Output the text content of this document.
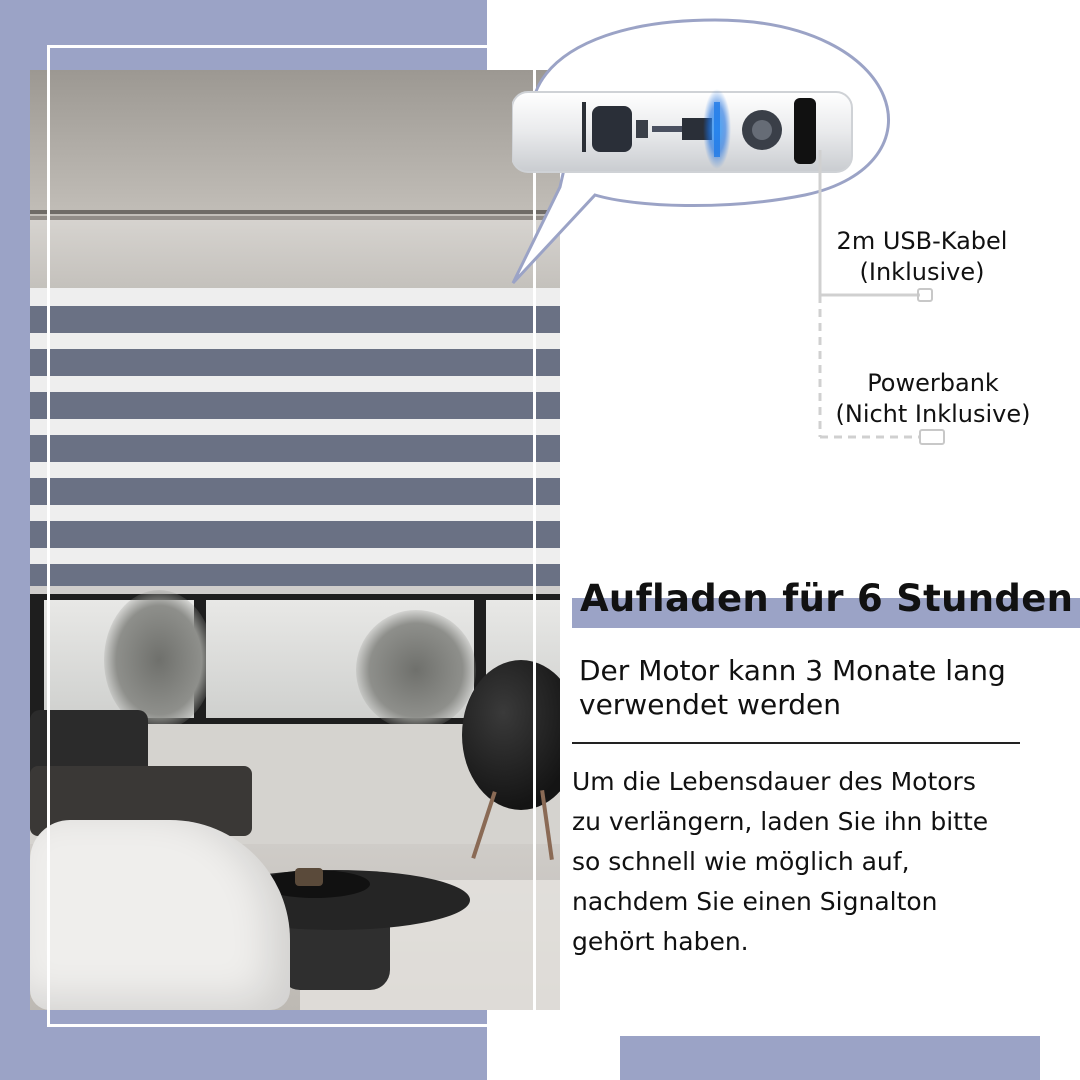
2m USB-Kabel
(Inklusive)
Powerbank
(Nicht Inklusive)
Aufladen für 6 Stunden
Der Motor kann 3 Monate lang
verwendet werden
Um die Lebensdauer des Motors
zu verlängern, laden Sie ihn bitte
so schnell wie möglich auf,
nachdem Sie einen Signalton
gehört haben.
